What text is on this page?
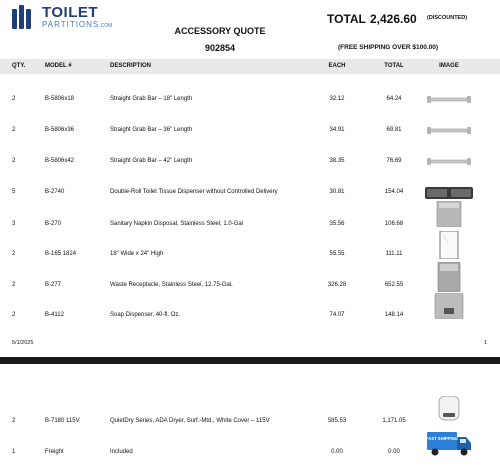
TOILET
PARTITIONS.COM	ACCESSORY QUOTE
902854
TOTAL 2,426.60 (DISCOUNTED)
(FREE SHIPPING OVER $100.00)
QTY.	MODEL #	DESCRIPTION	EACH	TOTAL	IMAGE
2	B-5806x18	Straight Grab Bar – 18" Length	32.12	64.24
2	B-5806x36	Straight Grab Bar – 36" Length	34.91	69.81
2	B-5806x42	Straight Grab Bar – 42" Length	38.35	76.69
5	B-2740	Double-Roll Toilet Tissue Dispenser without Controlled Delivery	30.81	154.04
3	B-270	Sanitary Napkin Disposal, Stainless Steel, 1.0-Gal	35.56	106.68
2	B-165 1824	18" Wide x 24" High	55.55	111.11
2	B-277	Waste Receptacle, Stainless Steel, 12.75-Gal.	326.28	652.55
2	B-4112	Soap Dispenser, 40-fl. Oz.	74.07	148.14
5/1/2025	1
2	B-7180 115V	QuietDry Series, ADA Dryer, Surf.-Mtd., White Cover – 115V	585.53	1,171.05
1	Freight	Included	0.00	0.00
FAST SHIPPING
